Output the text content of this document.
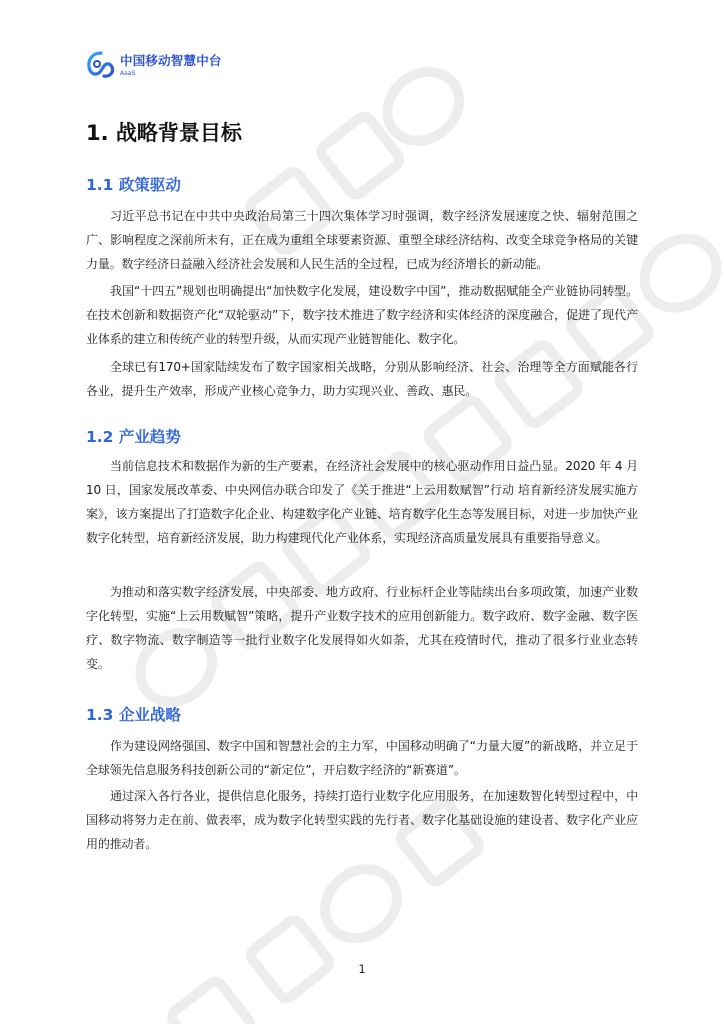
中国移动智慧中台
AaaS
1. 战略背景目标
1.1 政策驱动

习近平总书记在中共中央政治局第三十四次集体学习时强调，数字经济发展速度之快、辐射范围之广、影响程度之深前所未有，正在成为重组全球要素资源、重塑全球经济结构、改变全球竞争格局的关键力量。数字经济日益融入经济社会发展和人民生活的全过程，已成为经济增长的新动能。

我国“十四五”规划也明确提出“加快数字化发展，建设数字中国”，推动数据赋能全产业链协同转型。在技术创新和数据资产化“双轮驱动”下，数字技术推进了数字经济和实体经济的深度融合，促进了现代产业体系的建立和传统产业的转型升级，从而实现产业链智能化、数字化。

全球已有170+国家陆续发布了数字国家相关战略，分别从影响经济、社会、治理等全方面赋能各行各业，提升生产效率，形成产业核心竞争力，助力实现兴业、善政、惠民。

1.2 产业趋势

当前信息技术和数据作为新的生产要素，在经济社会发展中的核心驱动作用日益凸显。2020 年 4 月 10 日，国家发展改革委、中央网信办联合印发了《关于推进“上云用数赋智”行动 培育新经济发展实施方案》，该方案提出了打造数字化企业、构建数字化产业链、培育数字化生态等发展目标，对进一步加快产业数字化转型，培育新经济发展，助力构建现代化产业体系，实现经济高质量发展具有重要指导意义。

为推动和落实数字经济发展，中央部委、地方政府、行业标杆企业等陆续出台多项政策，加速产业数字化转型，实施“上云用数赋智”策略，提升产业数字技术的应用创新能力。数字政府、数字金融、数字医疗、数字物流、数字制造等一批行业数字化发展得如火如荼，尤其在疫情时代，推动了很多行业业态转变。

1.3 企业战略

作为建设网络强国、数字中国和智慧社会的主力军，中国移动明确了“力量大厦”的新战略，并立足于全球领先信息服务科技创新公司的“新定位”，开启数字经济的“新赛道”。

通过深入各行各业，提供信息化服务，持续打造行业数字化应用服务，在加速数智化转型过程中，中国移动将努力走在前、做表率，成为数字化转型实践的先行者、数字化基础设施的建设者、数字化产业应用的推动者。

1
